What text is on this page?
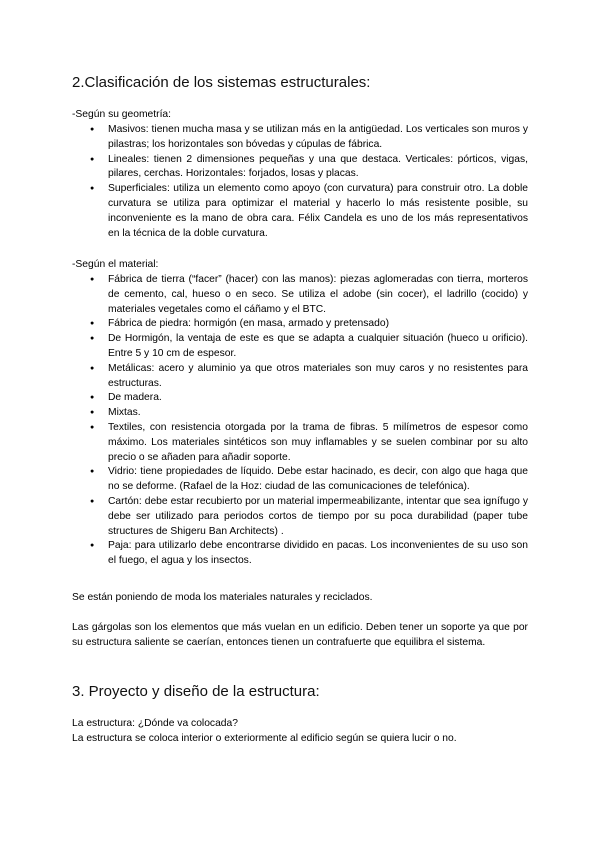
2.Clasificación de los sistemas estructurales:

-Según su geometría:

● Masivos: tienen mucha masa y se utilizan más en la antigüedad. Los verticales son muros y pilastras; los horizontales son bóvedas y cúpulas de fábrica.
● Lineales: tienen 2 dimensiones pequeñas y una que destaca. Verticales: pórticos, vigas, pilares, cerchas. Horizontales: forjados, losas y placas.
● Superficiales: utiliza un elemento como apoyo (con curvatura) para construir otro. La doble curvatura se utiliza para optimizar el material y hacerlo lo más resistente posible, su inconveniente es la mano de obra cara. Félix Candela es uno de los más representativos en la técnica de la doble curvatura.

-Según el material:

● Fábrica de tierra (“facer” (hacer) con las manos): piezas aglomeradas con tierra, morteros de cemento, cal, hueso o en seco. Se utiliza el adobe (sin cocer), el ladrillo (cocido) y materiales vegetales como el cáñamo y el BTC.
● Fábrica de piedra: hormigón (en masa, armado y pretensado)
● De Hormigón, la ventaja de este es que se adapta a cualquier situación (hueco u orificio). Entre 5 y 10 cm de espesor.
● Metálicas: acero y aluminio ya que otros materiales son muy caros y no resistentes para estructuras.
● De madera.
● Mixtas.
● Textiles, con resistencia otorgada por la trama de fibras. 5 milímetros de espesor como máximo. Los materiales sintéticos son muy inflamables y se suelen combinar por su alto precio o se añaden para añadir soporte.
● Vidrio: tiene propiedades de líquido. Debe estar hacinado, es decir, con algo que haga que no se deforme. (Rafael de la Hoz: ciudad de las comunicaciones de telefónica).
● Cartón: debe estar recubierto por un material impermeabilizante, intentar que sea ignífugo y debe ser utilizado para periodos cortos de tiempo por su poca durabilidad (paper tube structures de Shigeru Ban Architects) .
● Paja: para utilizarlo debe encontrarse dividido en pacas. Los inconvenientes de su uso son el fuego, el agua y los insectos.

Se están poniendo de moda los materiales naturales y reciclados.

Las gárgolas son los elementos que más vuelan en un edificio. Deben tener un soporte ya que por su estructura saliente se caerían, entonces tienen un contrafuerte que equilibra el sistema.

3. Proyecto y diseño de la estructura:

La estructura: ¿Dónde va colocada?

La estructura se coloca interior o exteriormente al edificio según se quiera lucir o no.
